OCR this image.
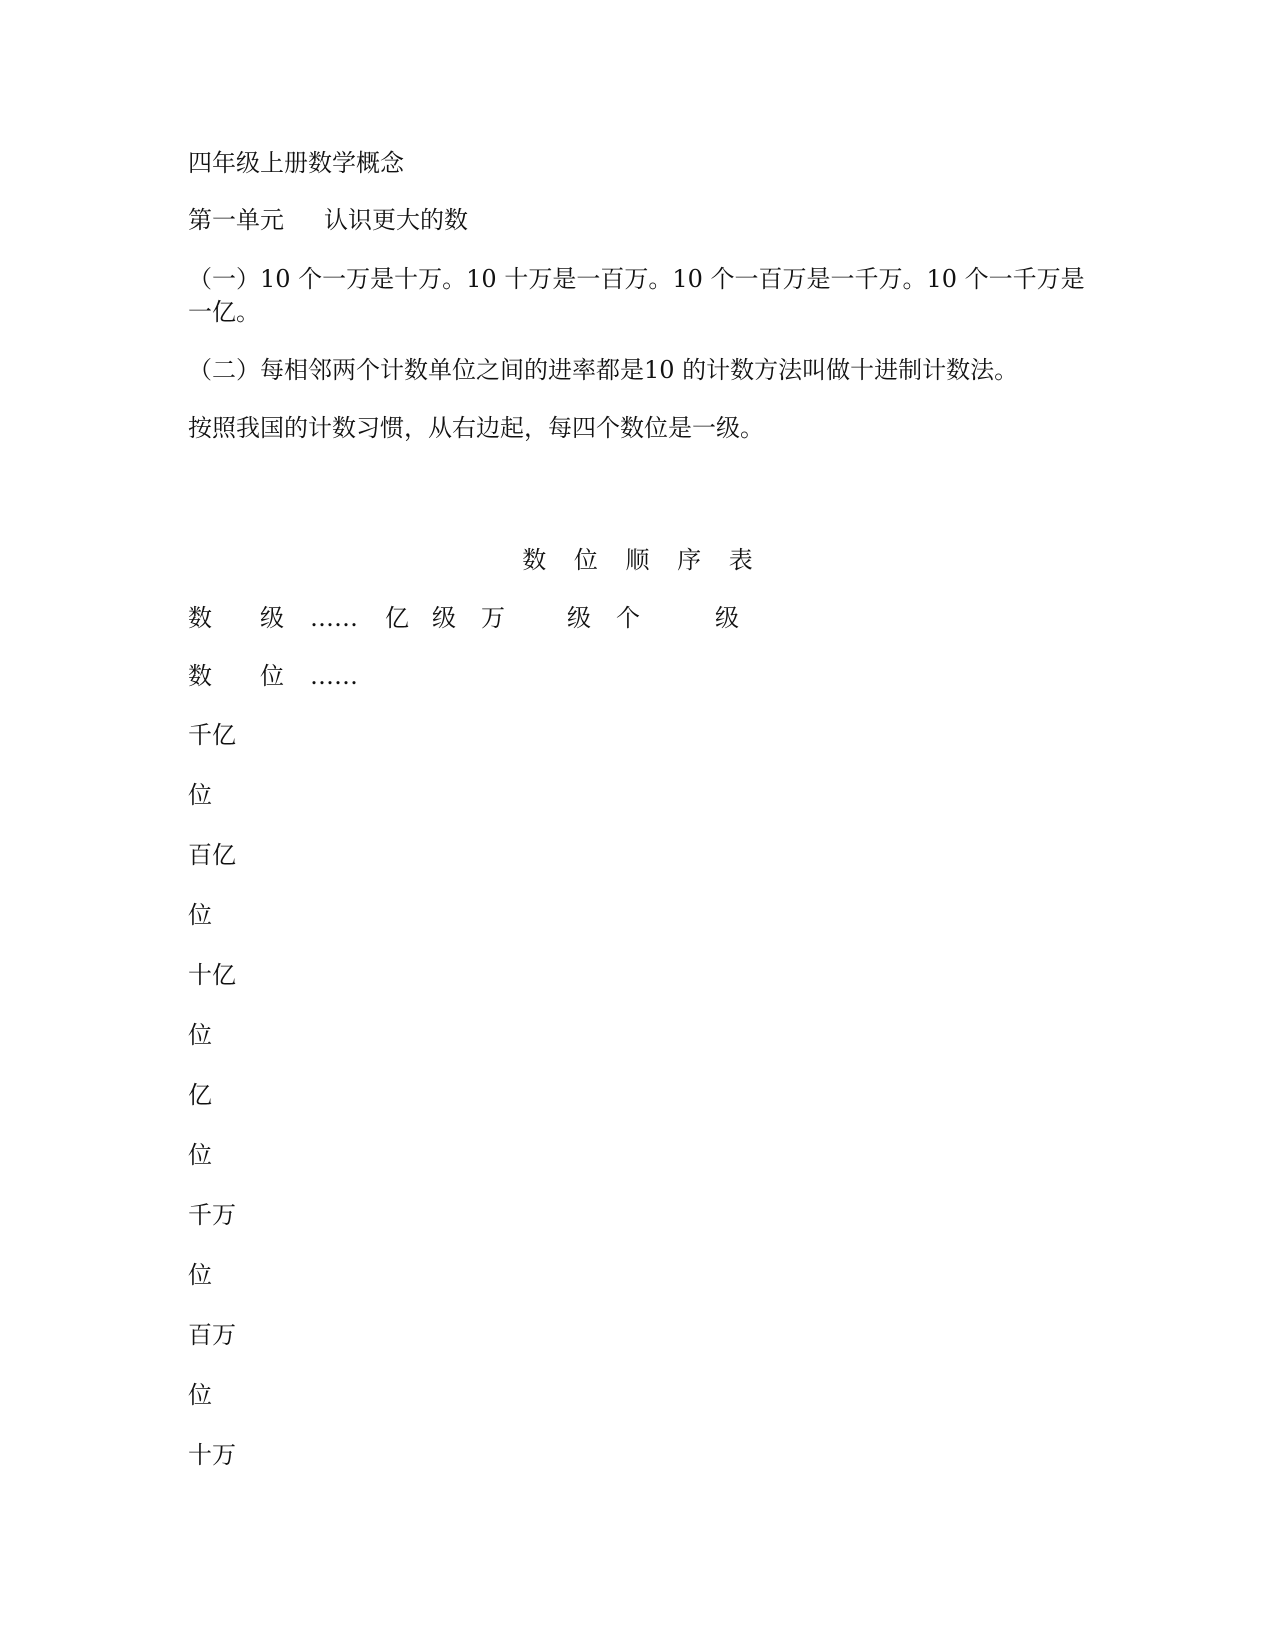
四年级上册数学概念
第一单元 认识更大的数
（一）10 个一万是十万。10 十万是一百万。10 个一百万是一千万。10 个一千万是一亿。
（二）每相邻两个计数单位之间的进率都是10 的计数方法叫做十进制计数法。
按照我国的计数习惯，从右边起，每四个数位是一级。
数 位 顺 序 表
数 级 …… 亿 级 万	级 个	级
数 位 ……
千亿
位
百亿
位
十亿
位
亿
位
千万
位
百万
位
十万
